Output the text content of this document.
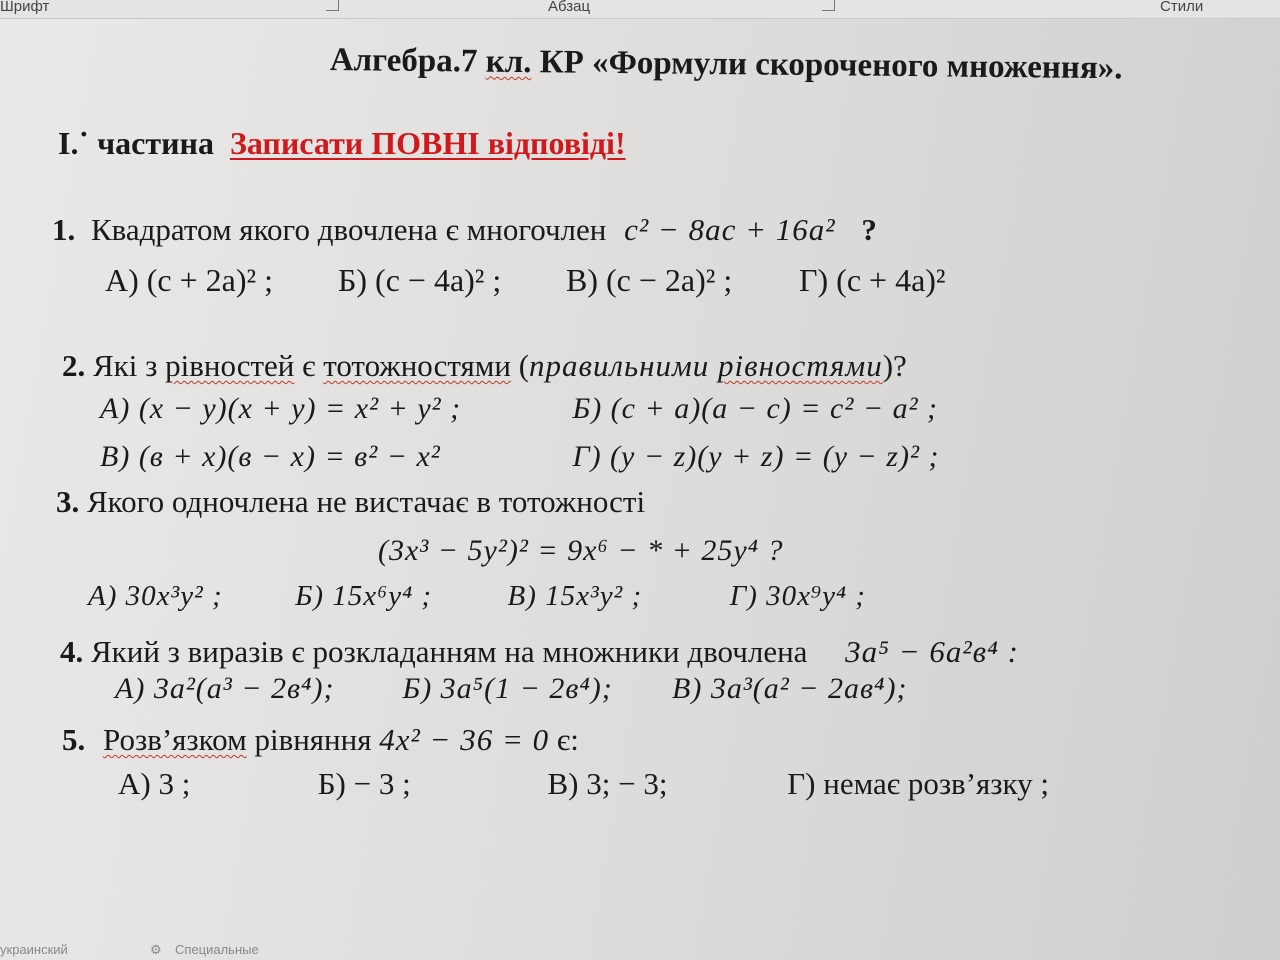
Шрифт	Абзац	Стили
Алгебра.7 кл. КР «Формули скороченого множення».
І.˙ частина Записати ПОВНІ відповіді!
1. Квадратом якого двочлена є многочлен c² − 8ac + 16a² ?
А) (c + 2a)² ; Б) (c − 4a)² ; В) (c − 2a)² ; Г) (c + 4a)²
2. Які з рівностей є тотожностями (правильними рівностями)?
А) (x − y)(x + y) = x² + y² ;	Б) (c + a)(a − c) = c² − a² ;
В) (в + x)(в − x) = в² − x²	Г) (y − z)(y + z) = (y − z)² ;
3. Якого одночлена не вистачає в тотожності
(3x³ − 5y²)² = 9x⁶ − * + 25y⁴ ?
А) 30x³y² ;	Б) 15x⁶y⁴ ;	В) 15x³y² ;	Г) 30x⁹y⁴ ;
4. Який з виразів є розкладанням на множники двочлена 3a⁵ − 6a²в⁴ :
А) 3a²(a³ − 2в⁴); Б) 3a⁵(1 − 2в⁴); В) 3a³(a² − 2aв⁴);
5. Розв’язком рівняння 4x² − 36 = 0 є:
А) 3 ;	Б) − 3 ;	В) 3; − 3;	Г) немає розв’язку ;
украинский	⚙ Специальные
